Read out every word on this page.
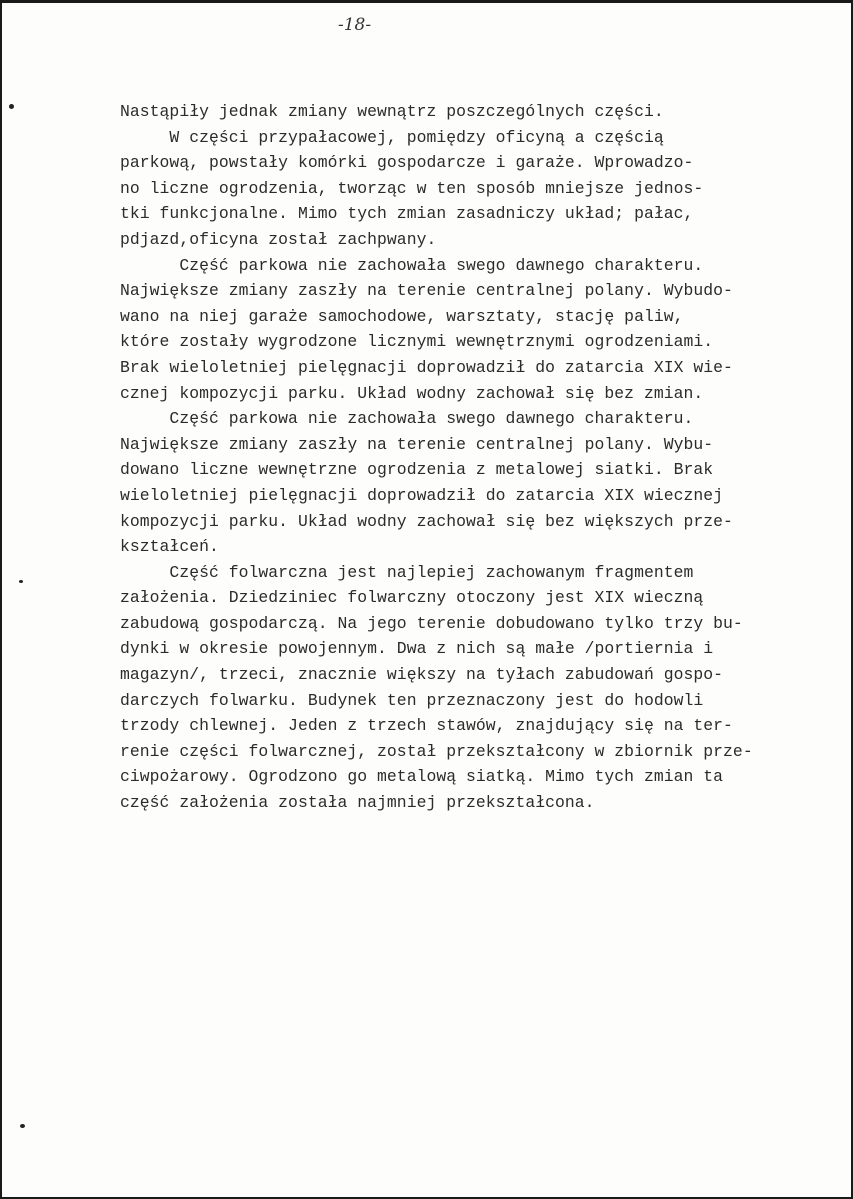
-18-
Nastąpiły jednak zmiany wewnątrz poszczególnych części.
W części przypałacowej, pomiędzy oficyną a częścią
parkową, powstały komórki gospodarcze i garaże. Wprowadzo-
no liczne ogrodzenia, tworząc w ten sposób mniejsze jednos-
tki funkcjonalne. Mimo tych zmian zasadniczy układ; pałac,
pdjazd,oficyna został zachpwany.
Część parkowa nie zachowała swego dawnego charakteru.
Największe zmiany zaszły na terenie centralnej polany. Wybudo-
wano na niej garaże samochodowe, warsztaty, stację paliw,
które zostały wygrodzone licznymi wewnętrznymi ogrodzeniami.
Brak wieloletniej pielęgnacji doprowadził do zatarcia XIX wie-
cznej kompozycji parku. Układ wodny zachował się bez zmian.
Część parkowa nie zachowała swego dawnego charakteru.
Największe zmiany zaszły na terenie centralnej polany. Wybu-
dowano liczne wewnętrzne ogrodzenia z metalowej siatki. Brak
wieloletniej pielęgnacji doprowadził do zatarcia XIX wiecznej
kompozycji parku. Układ wodny zachował się bez większych prze-
kształceń.
Część folwarczna jest najlepiej zachowanym fragmentem
założenia. Dziedziniec folwarczny otoczony jest XIX wieczną
zabudową gospodarczą. Na jego terenie dobudowano tylko trzy bu-
dynki w okresie powojennym. Dwa z nich są małe /portiernia i
magazyn/, trzeci, znacznie większy na tyłach zabudowań gospo-
darczych folwarku. Budynek ten przeznaczony jest do hodowli
trzody chlewnej. Jeden z trzech stawów, znajdujący się na ter-
renie części folwarcznej, został przekształcony w zbiornik prze-
ciwpożarowy. Ogrodzono go metalową siatką. Mimo tych zmian ta
część założenia została najmniej przekształcona.
